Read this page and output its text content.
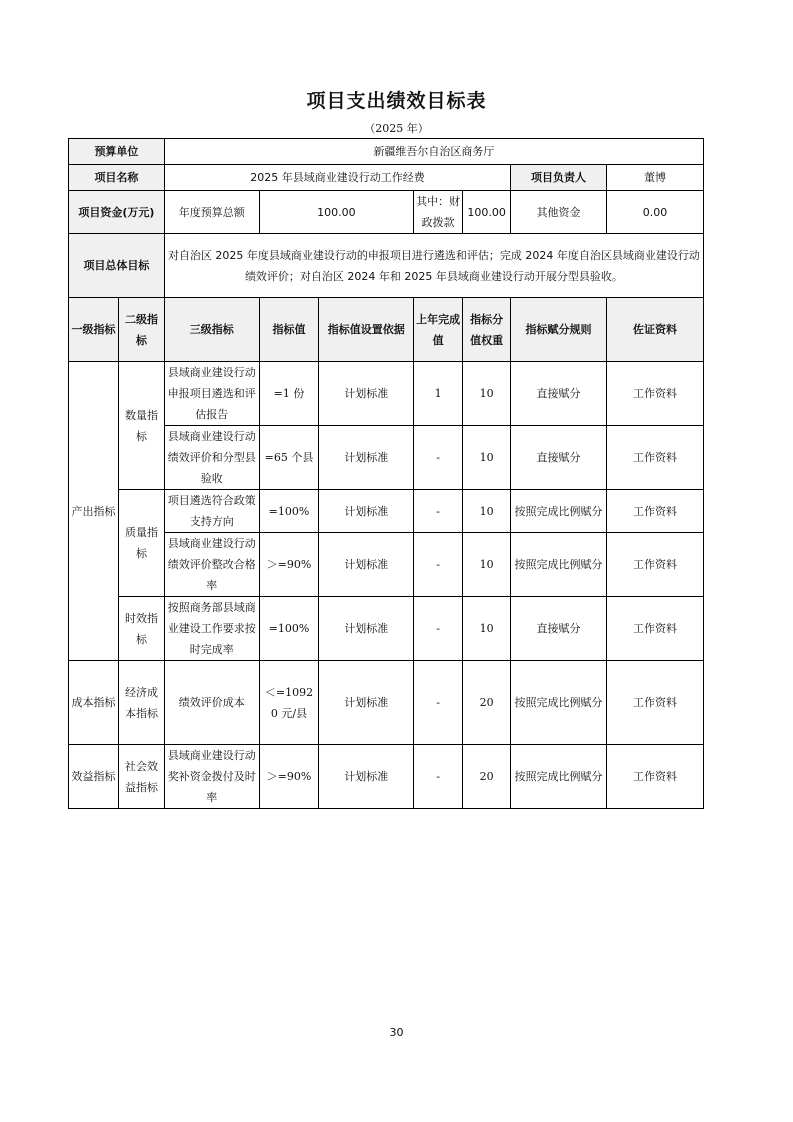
项目支出绩效目标表
（2025 年）
预算单位		新疆维吾尔自治区商务厅						
项目名称		2025 年县域商业建设行动工作经费					项目负责人	董博
项目资金(万元)		年度预算总额	100.00		其中：财政拨款	100.00	其他资金	0.00
项目总体目标		对自治区 2025 年度县域商业建设行动的申报项目进行遴选和评估；完成 2024 年度自治区县域商业建设行动绩效评价；对自治区 2024 年和 2025 年县域商业建设行动开展分型县验收。						
一级指标	二级指标	三级指标	指标值	指标值设置依据	上年完成值	指标分值权重	指标赋分规则	佐证资料
产出指标	数量指标	县域商业建设行动申报项目遴选和评估报告	=1 份	计划标准	1	10	直接赋分	工作资料
		县域商业建设行动绩效评价和分型县验收	=65 个县	计划标准	-	10	直接赋分	工作资料
	质量指标	项目遴选符合政策支持方向	=100%	计划标准	-	10	按照完成比例赋分	工作资料
		县域商业建设行动绩效评价整改合格率	＞=90%	计划标准	-	10	按照完成比例赋分	工作资料
	时效指标	按照商务部县域商业建设工作要求按时完成率	=100%	计划标准	-	10	直接赋分	工作资料
成本指标	经济成本指标	绩效评价成本	＜=10920 元/县	计划标准	-	20	按照完成比例赋分	工作资料
效益指标	社会效益指标	县域商业建设行动奖补资金拨付及时率	＞=90%	计划标准	-	20	按照完成比例赋分	工作资料
30
